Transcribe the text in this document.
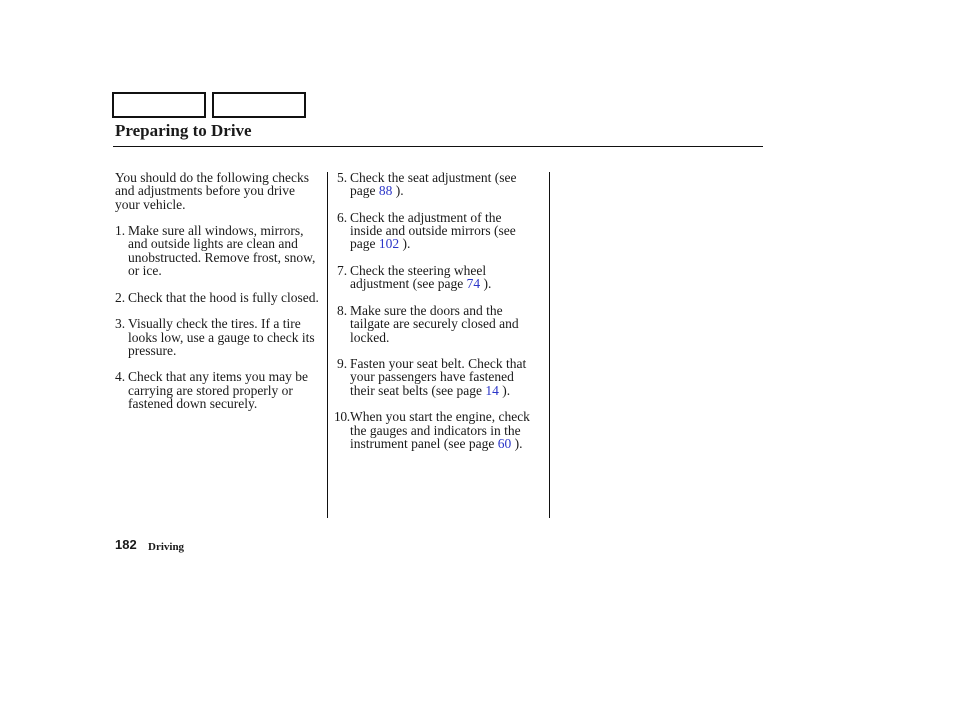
Preparing to Drive
You should do the following checks
and adjustments before you drive
your vehicle.
1. Make sure all windows, mirrors,
and outside lights are clean and
unobstructed. Remove frost, snow,
or ice.
2. Check that the hood is fully closed.
3. Visually check the tires. If a tire
looks low, use a gauge to check its
pressure.
4. Check that any items you may be
carrying are stored properly or
fastened down securely.
5. Check the seat adjustment (see
page 88 ).
6. Check the adjustment of the
inside and outside mirrors (see
page 102 ).
7. Check the steering wheel
adjustment (see page 74 ).
8. Make sure the doors and the
tailgate are securely closed and
locked.
9. Fasten your seat belt. Check that
your passengers have fastened
their seat belts (see page 14 ).
10. When you start the engine, check
the gauges and indicators in the
instrument panel (see page 60 ).
182 Driving
